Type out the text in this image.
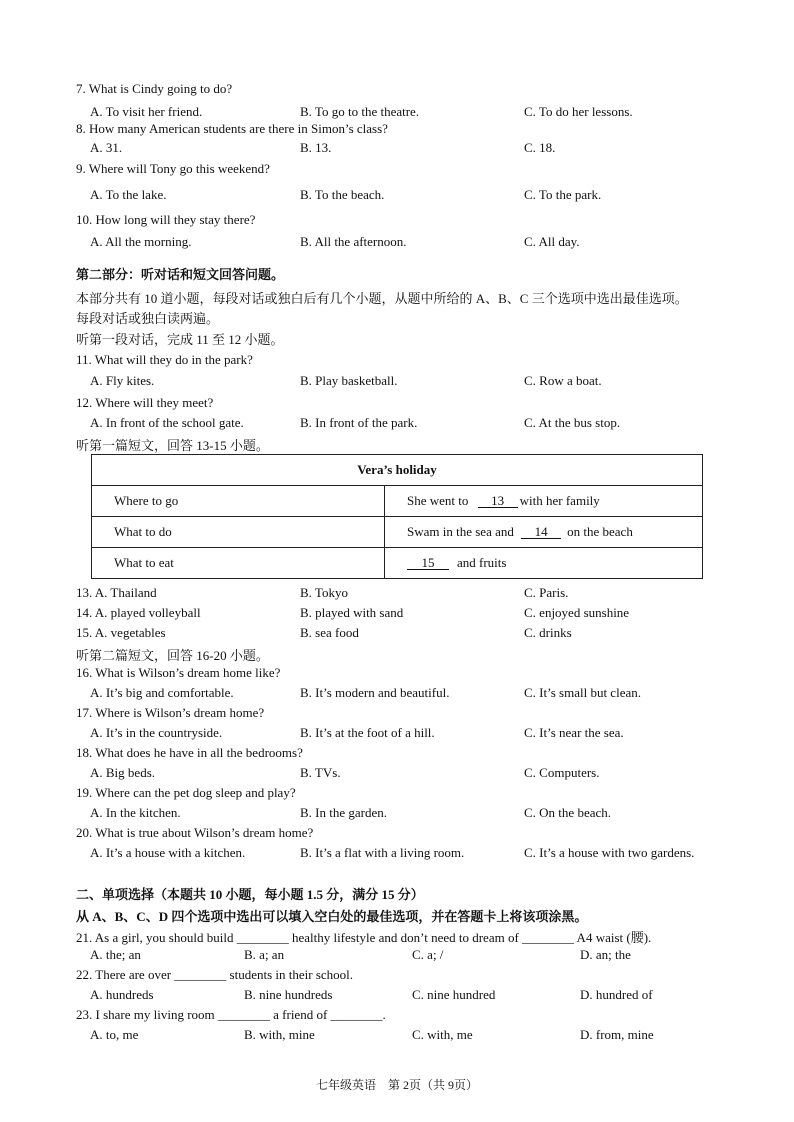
7. What is Cindy going to do?
A. To visit her friend.	B. To go to the theatre.	C. To do her lessons.
8. How many American students are there in Simon’s class?
A. 31.	B. 13.	C. 18.
9. Where will Tony go this weekend?
A. To the lake.	B. To the beach.	C. To the park.
10. How long will they stay there?
A. All the morning.	B. All the afternoon.	C. All day.
第二部分：听对话和短文回答问题。
本部分共有 10 道小题，每段对话或独白后有几个小题，从题中所给的 A、B、C 三个选项中选出最佳选项。
每段对话或独白读两遍。
听第一段对话，完成 11 至 12 小题。
11. What will they do in the park?
A. Fly kites.	B. Play basketball.	C. Row a boat.
12. Where will they meet?
A. In front of the school gate.	B. In front of the park.	C. At the bus stop.
听第一篇短文，回答 13-15 小题。
Vera’s holiday	
Where to go	She went to 13 with her family
What to do	Swam in the sea and 14 on the beach
What to eat	15 and fruits
13. A. Thailand	B. Tokyo	C. Paris.
14. A. played volleyball	B. played with sand	C. enjoyed sunshine
15. A. vegetables	B. sea food	C. drinks
听第二篇短文，回答 16-20 小题。
16. What is Wilson’s dream home like?
A. It’s big and comfortable.	B. It’s modern and beautiful.	C. It’s small but clean.
17. Where is Wilson’s dream home?
A. It’s in the countryside.	B. It’s at the foot of a hill.	C. It’s near the sea.
18. What does he have in all the bedrooms?
A. Big beds.	B. TVs.	C. Computers.
19. Where can the pet dog sleep and play?
A. In the kitchen.	B. In the garden.	C. On the beach.
20. What is true about Wilson’s dream home?
A. It’s a house with a kitchen.	B. It’s a flat with a living room.	C. It’s a house with two gardens.
二、单项选择（本题共 10 小题，每小题 1.5 分，满分 15 分）
从 A、B、C、D 四个选项中选出可以填入空白处的最佳选项，并在答题卡上将该项涂黑。
21. As a girl, you should build ________ healthy lifestyle and don’t need to dream of ________ A4 waist (腰).
A. the; an	B. a; an	C. a; /	D. an; the
22. There are over ________ students in their school.
A. hundreds	B. nine hundreds	C. nine hundred	D. hundred of
23. I share my living room ________ a friend of ________.
A. to, me	B. with, mine	C. with, me	D. from, mine
七年级英语　第 2页（共 9页）
